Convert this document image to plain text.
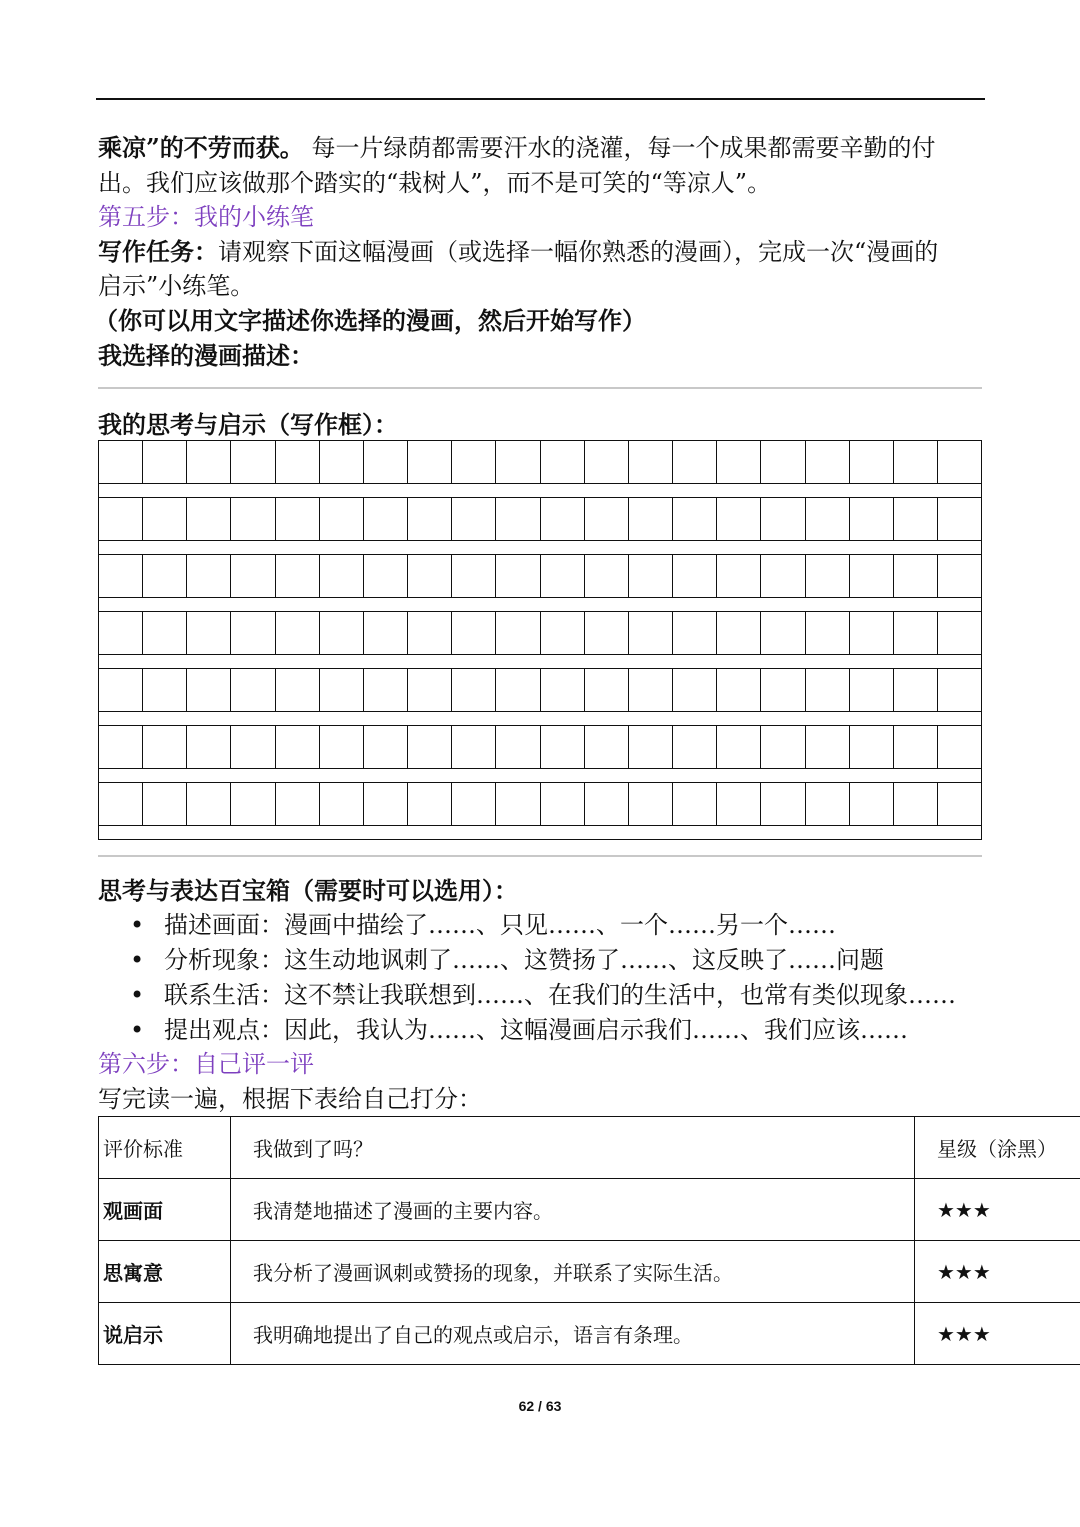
乘凉”的不劳而获。 每一片绿荫都需要汗水的浇灌，每一个成果都需要辛勤的付
出。我们应该做那个踏实的“栽树人”，而不是可笑的“等凉人”。
第五步：我的小练笔
写作任务：请观察下面这幅漫画（或选择一幅你熟悉的漫画），完成一次“漫画的
启示”小练笔。
（你可以用文字描述你选择的漫画，然后开始写作）
我选择的漫画描述：
我的思考与启示（写作框）：
思考与表达百宝箱（需要时可以选用）：
• 描述画面：漫画中描绘了……、只见……、一个……另一个……
• 分析现象：这生动地讽刺了……、这赞扬了……、这反映了……问题
• 联系生活：这不禁让我联想到……、在我们的生活中，也常有类似现象……
• 提出观点：因此，我认为……、这幅漫画启示我们……、我们应该……
第六步：自己评一评
写完读一遍，根据下表给自己打分：
评价标准	我做到了吗？	星级（涂黑）
观画面	我清楚地描述了漫画的主要内容。	★★★
思寓意	我分析了漫画讽刺或赞扬的现象，并联系了实际生活。	★★★
说启示	我明确地提出了自己的观点或启示，语言有条理。	★★★
62 / 63
